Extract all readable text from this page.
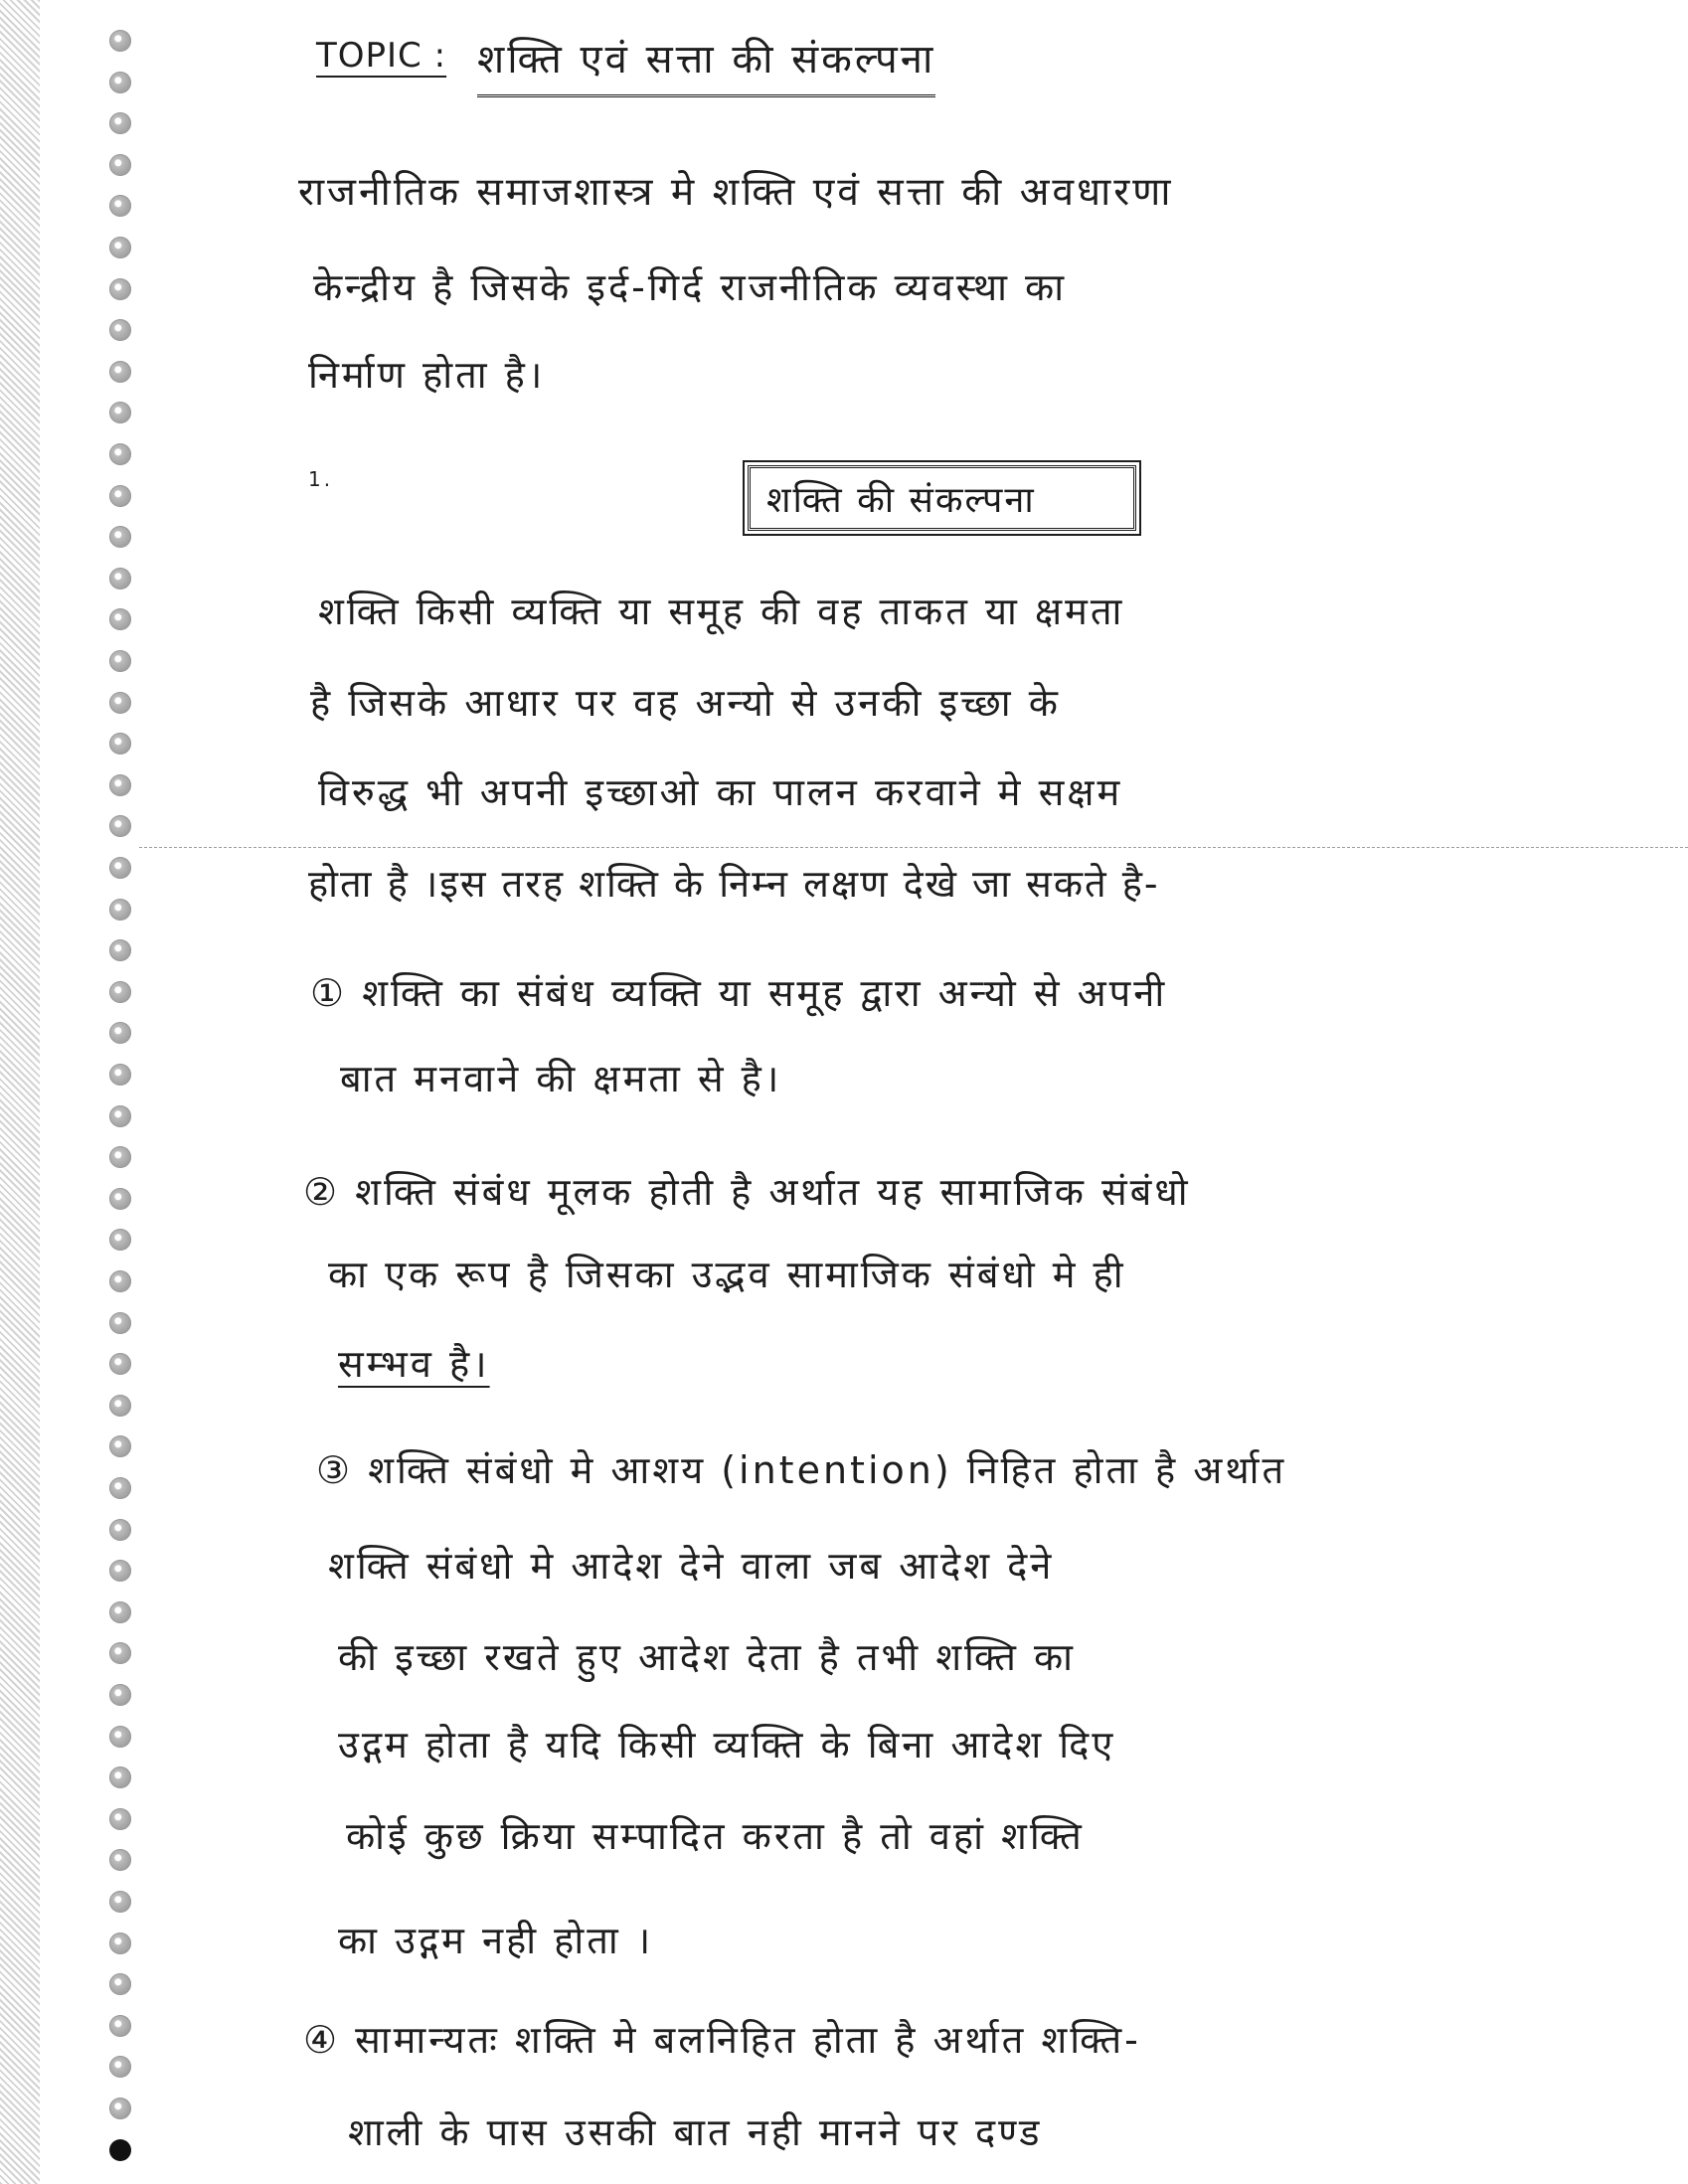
TOPIC : शक्ति एवं सत्ता की संकल्पना
राजनीतिक समाजशास्त्र मे शक्ति एवं सत्ता की अवधारणा
केन्द्रीय है जिसके इर्द-गिर्द राजनीतिक व्यवस्था का
निर्माण होता है।
1.
शक्ति की संकल्पना
शक्ति किसी व्यक्ति या समूह की वह ताकत या क्षमता
है जिसके आधार पर वह अन्यो से उनकी इच्छा के
विरुद्ध भी अपनी इच्छाओ का पालन करवाने मे सक्षम
होता है ।इस तरह शक्ति के निम्न लक्षण देखे जा सकते है-
① शक्ति का संबंध व्यक्ति या समूह द्वारा अन्यो से अपनी
बात मनवाने की क्षमता से है।
② शक्ति संबंध मूलक होती है अर्थात यह सामाजिक संबंधो
का एक रूप है जिसका उद्भव सामाजिक संबंधो मे ही
सम्भव है।
③ शक्ति संबंधो मे आशय (intention) निहित होता है अर्थात
शक्ति संबंधो मे आदेश देने वाला जब आदेश देने
की इच्छा रखते हुए आदेश देता है तभी शक्ति का
उद्गम होता है यदि किसी व्यक्ति के बिना आदेश दिए
कोई कुछ क्रिया सम्पादित करता है तो वहां शक्ति
का उद्गम नही होता ।
④ सामान्यतः शक्ति मे बलनिहित होता है अर्थात शक्ति-
शाली के पास उसकी बात नही मानने पर दण्ड
